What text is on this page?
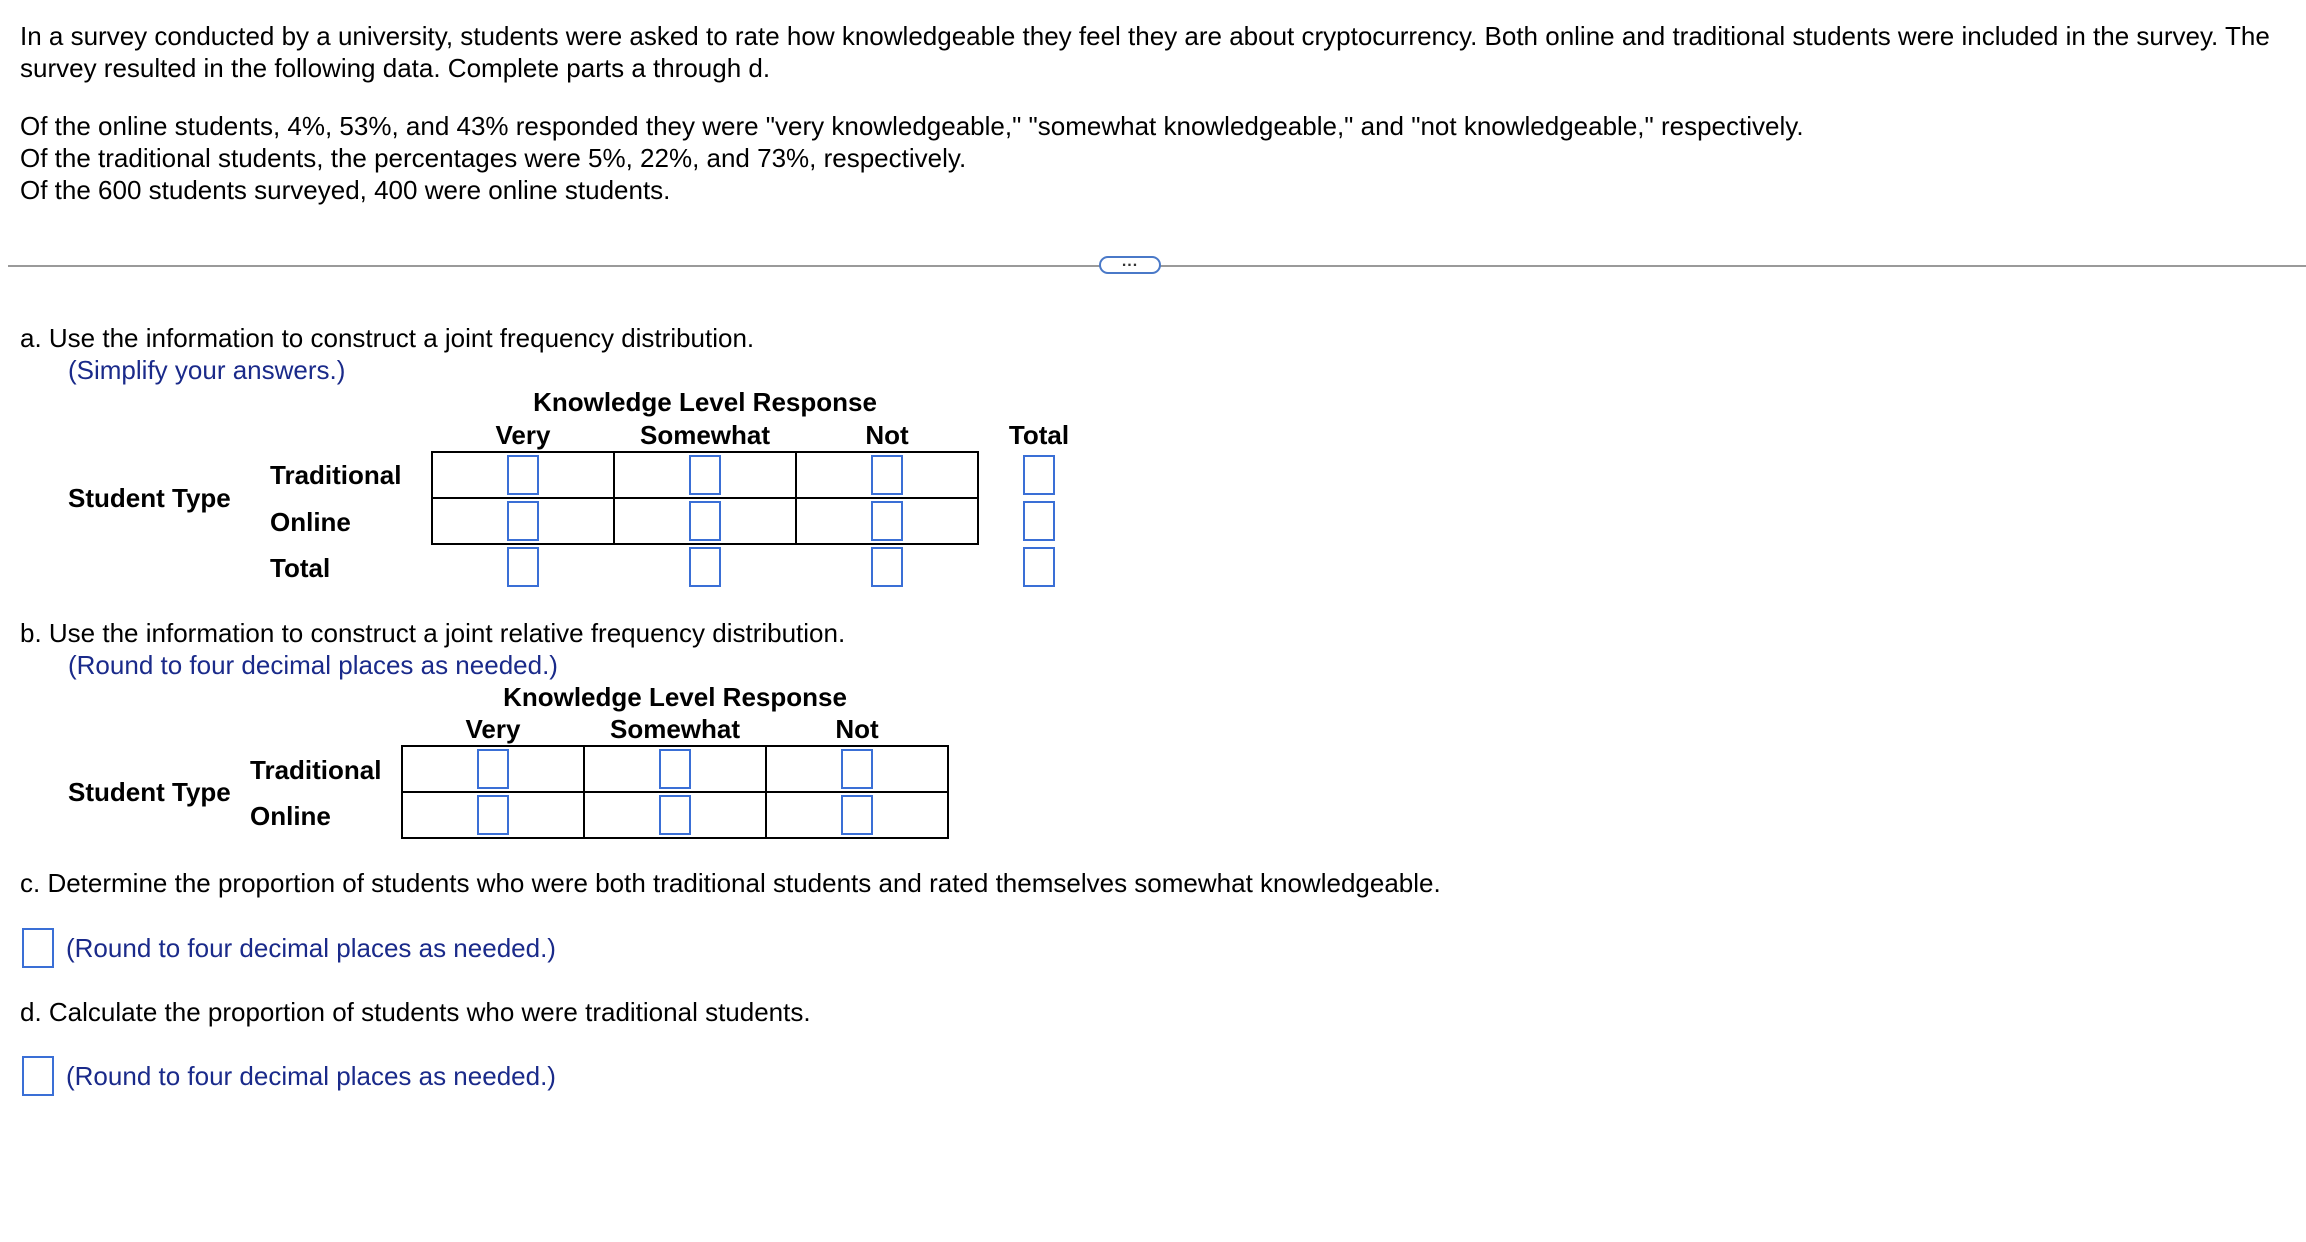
In a survey conducted by a university, students were asked to rate how knowledgeable they feel they are about cryptocurrency. Both online and traditional students were included in the survey. The
survey resulted in the following data. Complete parts a through d.
Of the online students, 4%, 53%, and 43% responded they were "very knowledgeable," "somewhat knowledgeable," and "not knowledgeable," respectively.
Of the traditional students, the percentages were 5%, 22%, and 73%, respectively.
Of the 600 students surveyed, 400 were online students.
...
a. Use the information to construct a joint frequency distribution.
(Simplify your answers.)
Knowledge Level Response
Very	Somewhat	Not	Total
Student Type
Traditional
Online
Total
b. Use the information to construct a joint relative frequency distribution.
(Round to four decimal places as needed.)
Knowledge Level Response
Very	Somewhat	Not
Student Type
Traditional
Online
c. Determine the proportion of students who were both traditional students and rated themselves somewhat knowledgeable.
(Round to four decimal places as needed.)
d. Calculate the proportion of students who were traditional students.
(Round to four decimal places as needed.)
